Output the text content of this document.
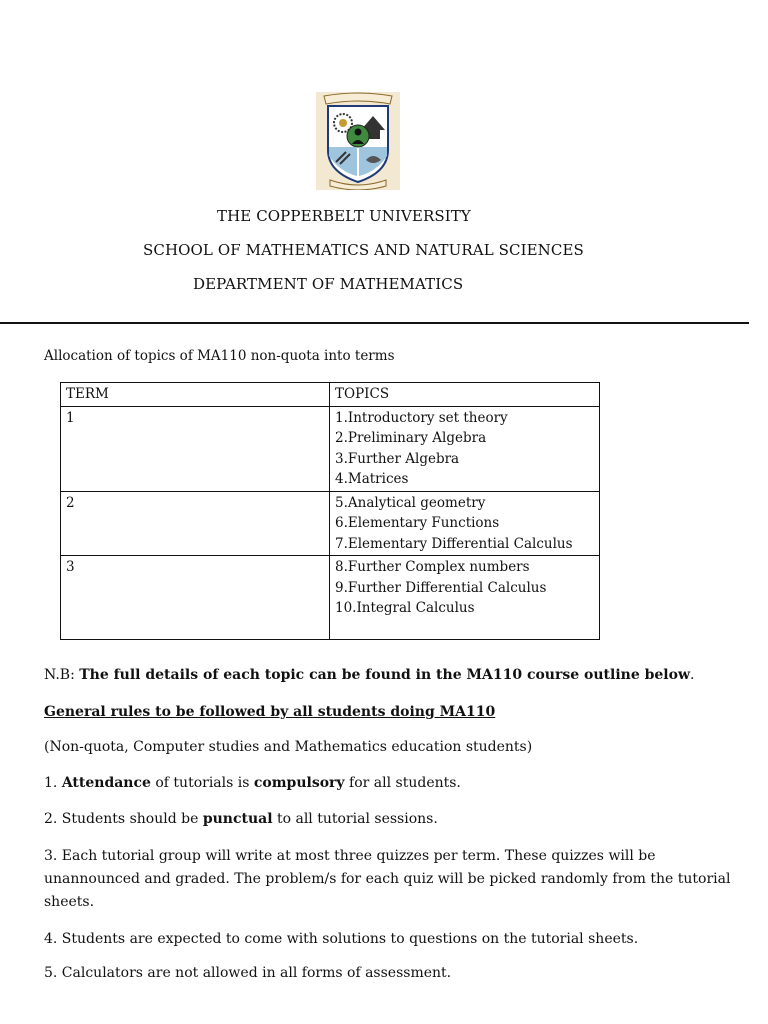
THE COPPERBELT UNIVERSITY
SCHOOL OF MATHEMATICS AND NATURAL SCIENCES
DEPARTMENT OF MATHEMATICS
Allocation of topics of MA110 non-quota into terms
TERM	TOPICS
1	1.Introductory set theory
2.Preliminary Algebra
3.Further Algebra
4.Matrices

2	5.Analytical geometry
6.Elementary Functions
7.Elementary Differential Calculus

3	8.Further Complex numbers
9.Further Differential Calculus
10.Integral Calculus
N.B: The full details of each topic can be found in the MA110 course outline below.
General rules to be followed by all students doing MA110
(Non-quota, Computer studies and Mathematics education students)
1. Attendance of tutorials is compulsory for all students.
2. Students should be punctual to all tutorial sessions.
3. Each tutorial group will write at most three quizzes per term. These quizzes will be unannounced and graded. The problem/s for each quiz will be picked randomly from the tutorial sheets.
4. Students are expected to come with solutions to questions on the tutorial sheets.
5. Calculators are not allowed in all forms of assessment.
